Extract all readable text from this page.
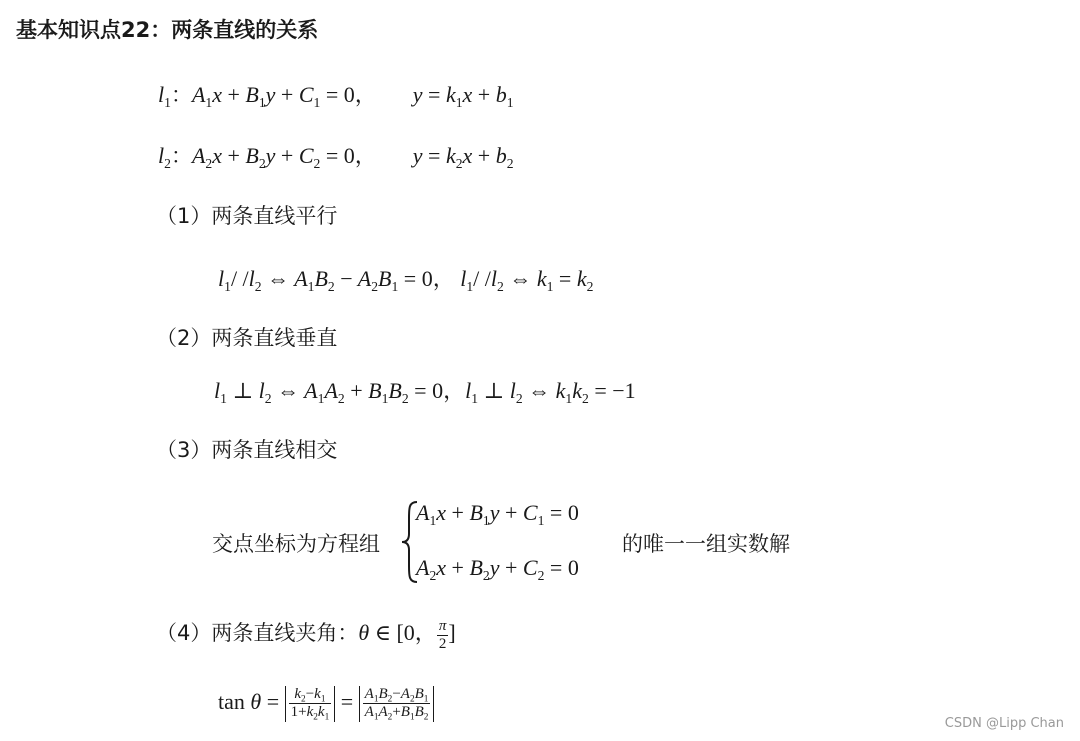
基本知识点22：两条直线的关系
$l_1$：$A_1x + B_1y + C_1 = 0$， $y = k_1x + b_1$
$l_2$：$A_2x + B_2y + C_2 = 0$， $y = k_2x + b_2$
（1）两条直线平行
$l_1/$ $/l_2$ ⇔ $A_1B_2 - A_2B_1 = 0$， $l_1/$ $/l_2$ ⇔ $k_1 = k_2$
（2）两条直线垂直
$l_1$ ⊥ $l_2$ ⇔ $A_1A_2 + B_1B_2 = 0$，$l_1$ ⊥ $l_2$ ⇔ $k_1k_2 = -1$
（3）两条直线相交
交点坐标为方程组
$A_1x + B_1y + C_1 = 0$
$A_2x + B_2y + C_2 = 0$
的唯一一组实数解
（4）两条直线夹角：θ ∈ [0， $\frac{\pi}{2}$ ]
$\tan \theta = \frac{k_2-k_1}{1+k_2k_1} = \frac{A_1B_2-A_2B_1}{A_1A_2+B_1B_2}$
CSDN @Lipp Chan
